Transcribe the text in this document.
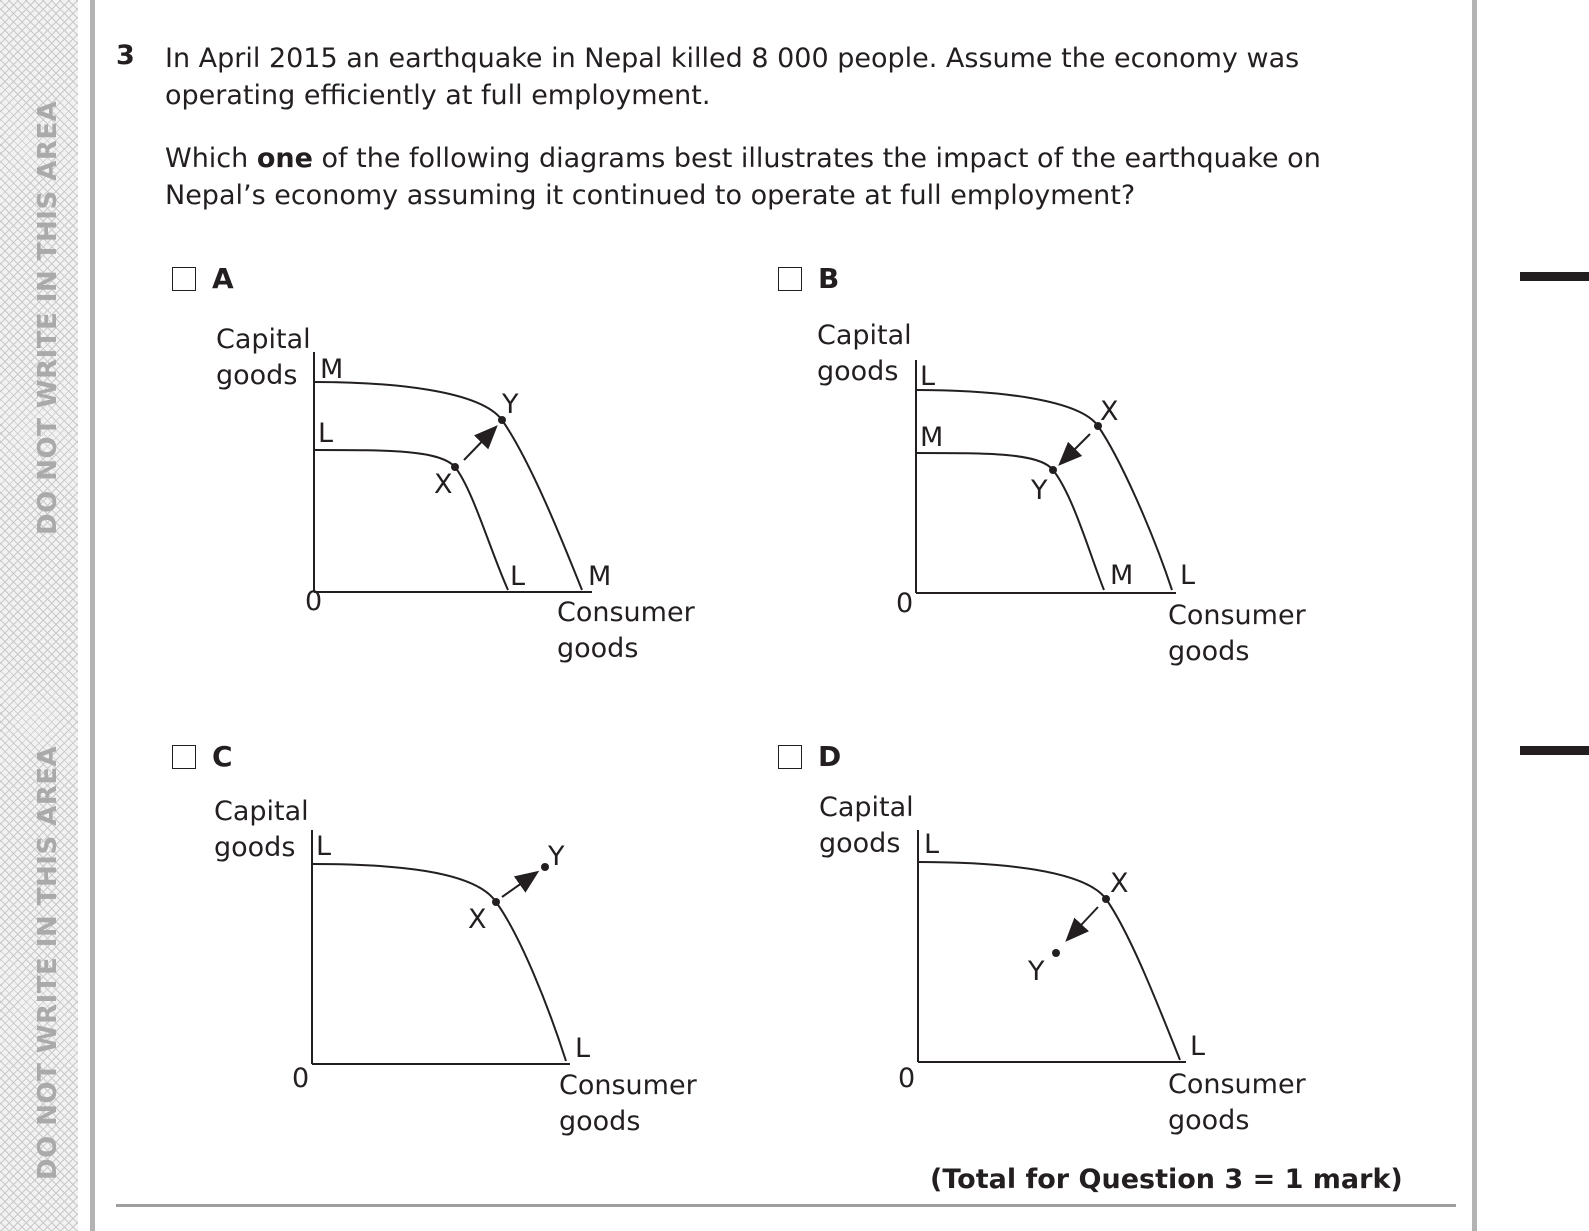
DO NOT WRITE IN THIS AREA
DO NOT WRITE IN THIS AREA
3 In April 2015 an earthquake in Nepal killed 8 000 people. Assume the economy was operating efficiently at full employment.
Which one of the following diagrams best illustrates the impact of the earthquake on Nepal’s economy assuming it continued to operate at full employment?
A
Capital
goods
Consumer
goods
0
M
L
L M
X
Y
B
Capital
goods
Consumer
goods
0
L
M
M L
X
Y
C
Capital
goods
Consumer
goods
0
L
L
X
Y
D
Capital
goods
Consumer
goods
0
L
L
X
Y
(Total for Question 3 = 1 mark)
